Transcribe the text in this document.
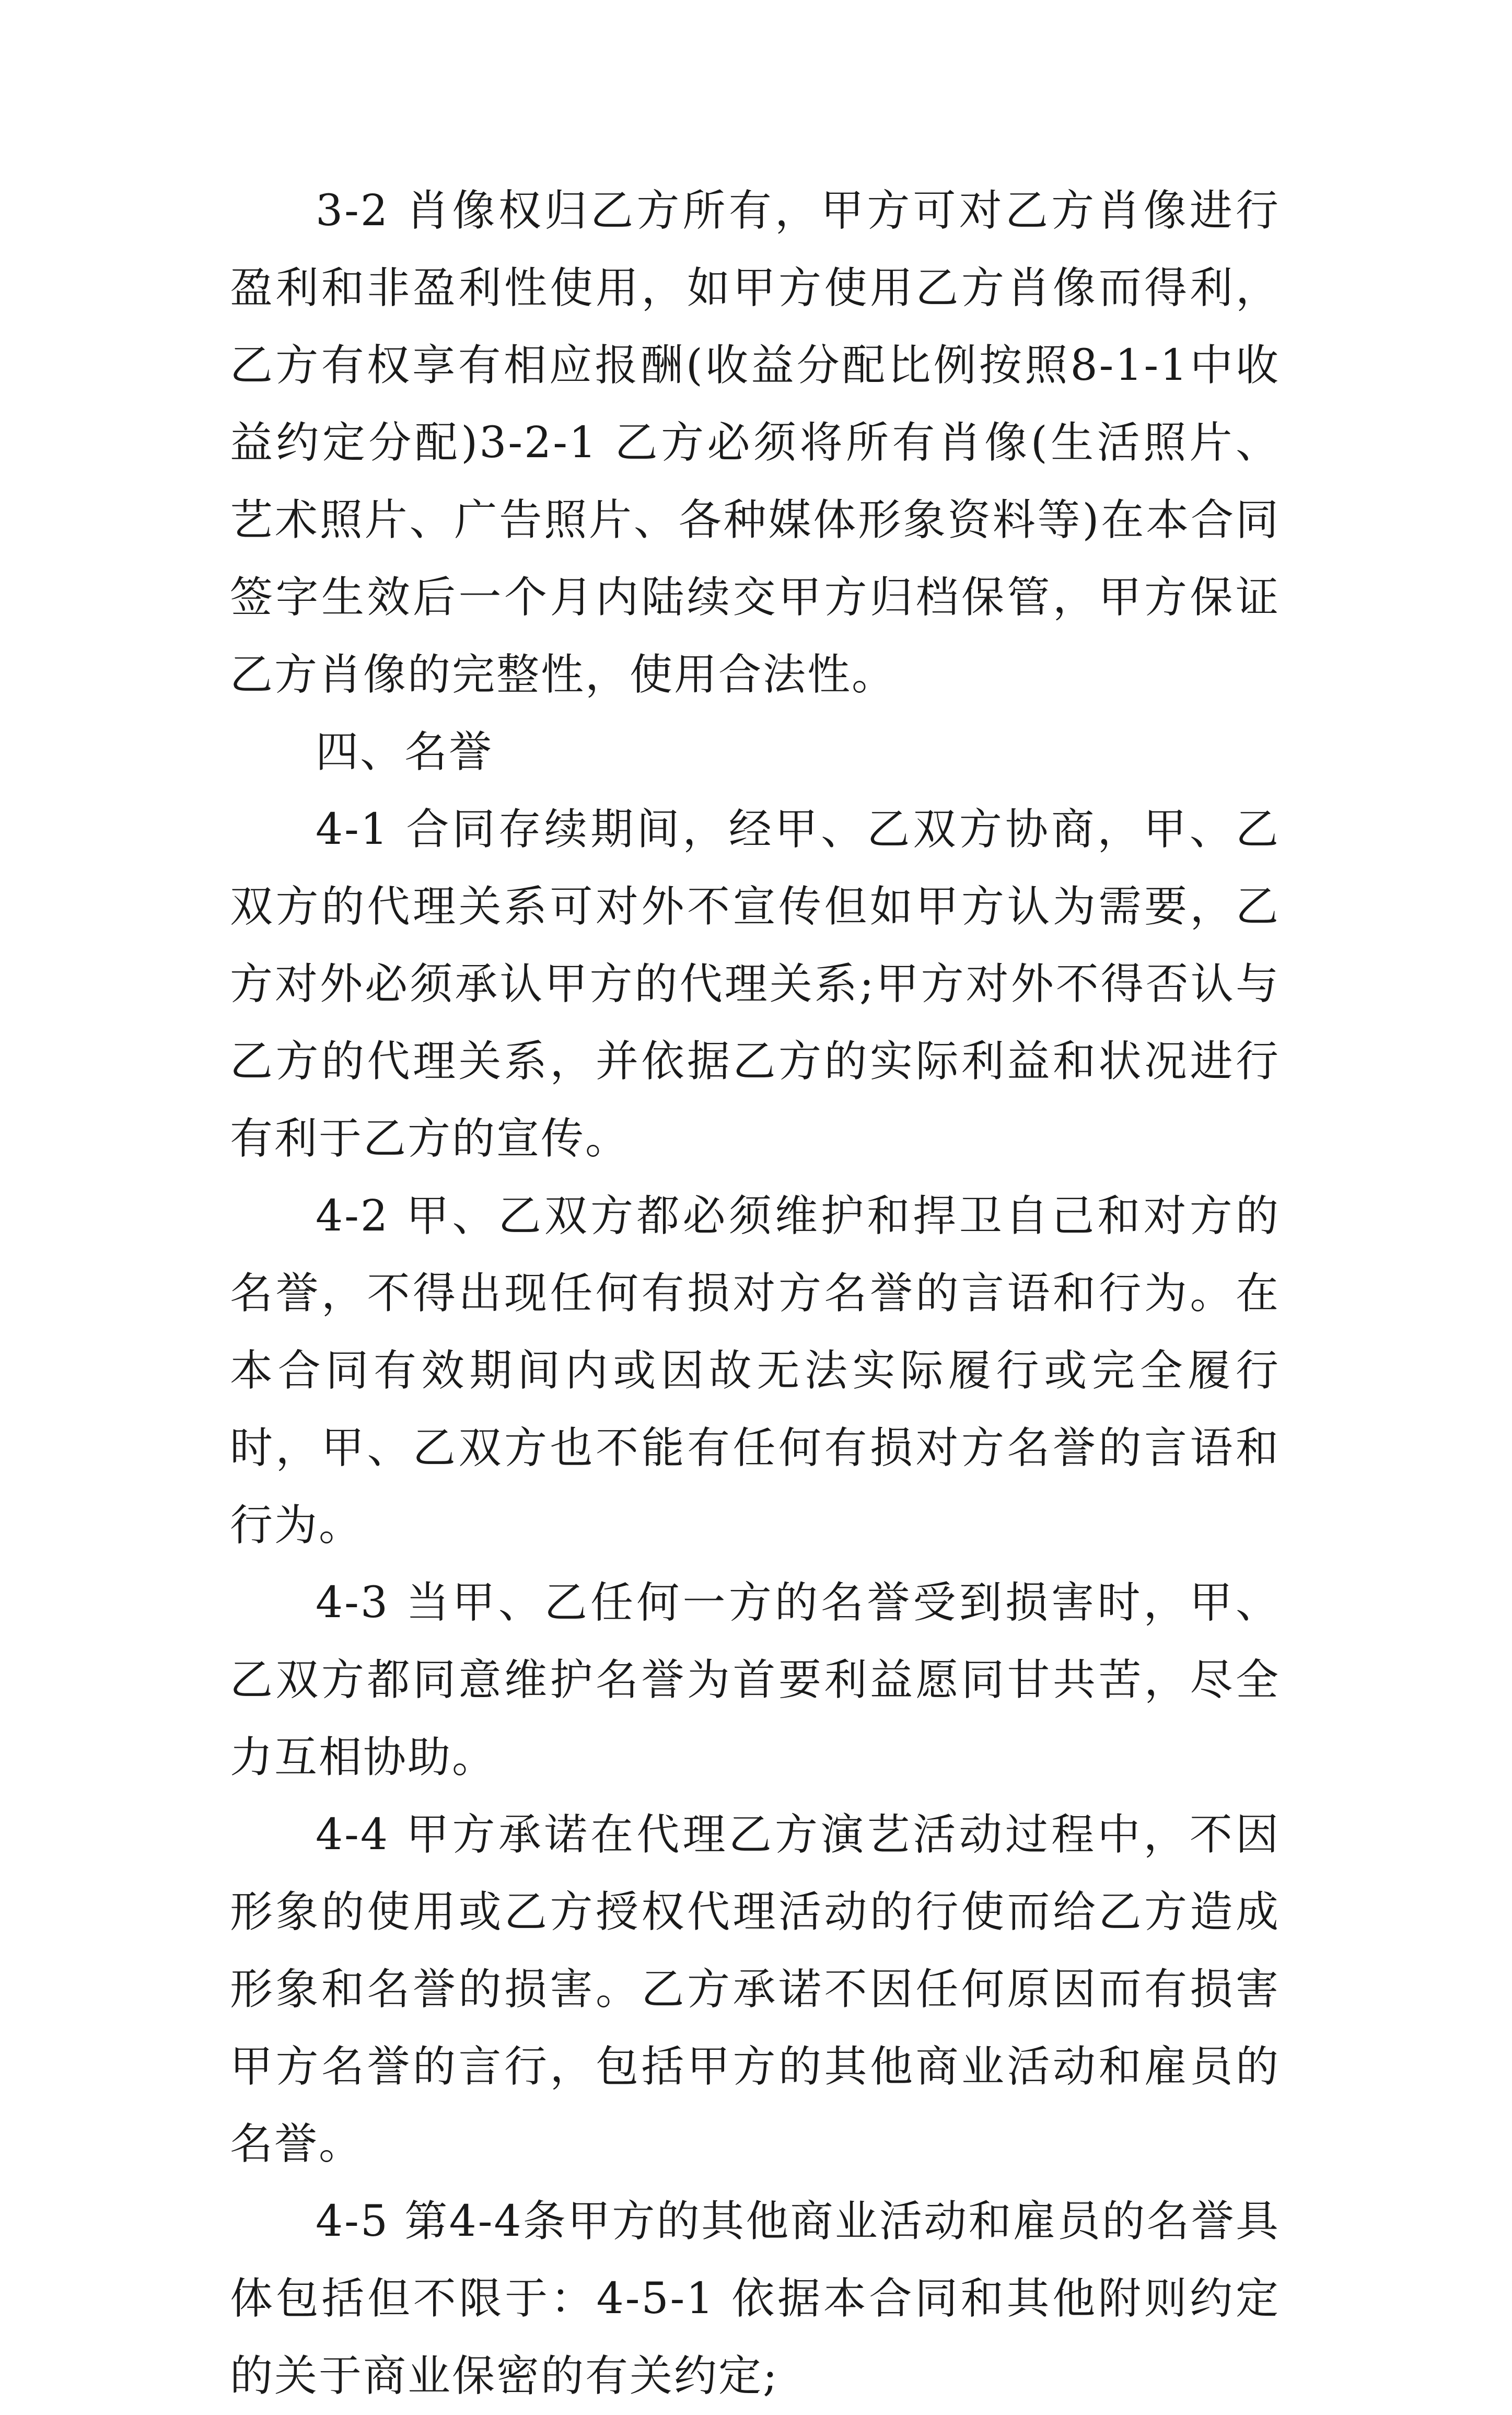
3-2 肖像权归乙方所有，甲方可对乙方肖像进行盈利和非盈利性使用，如甲方使用乙方肖像而得利，乙方有权享有相应报酬(收益分配比例按照8-1-1中收益约定分配)3-2-1 乙方必须将所有肖像(生活照片、艺术照片、广告照片、各种媒体形象资料等)在本合同签字生效后一个月内陆续交甲方归档保管，甲方保证乙方肖像的完整性，使用合法性。

四、名誉

4-1 合同存续期间，经甲、乙双方协商，甲、乙双方的代理关系可对外不宣传但如甲方认为需要，乙方对外必须承认甲方的代理关系;甲方对外不得否认与乙方的代理关系，并依据乙方的实际利益和状况进行有利于乙方的宣传。

4-2 甲、乙双方都必须维护和捍卫自己和对方的名誉，不得出现任何有损对方名誉的言语和行为。在本合同有效期间内或因故无法实际履行或完全履行时，甲、乙双方也不能有任何有损对方名誉的言语和行为。

4-3 当甲、乙任何一方的名誉受到损害时，甲、乙双方都同意维护名誉为首要利益愿同甘共苦，尽全力互相协助。

4-4 甲方承诺在代理乙方演艺活动过程中，不因形象的使用或乙方授权代理活动的行使而给乙方造成形象和名誉的损害。乙方承诺不因任何原因而有损害甲方名誉的言行，包括甲方的其他商业活动和雇员的名誉。

4-5 第4-4条甲方的其他商业活动和雇员的名誉具体包括但不限于：4-5-1 依据本合同和其他附则约定的关于商业保密的有关约定;
